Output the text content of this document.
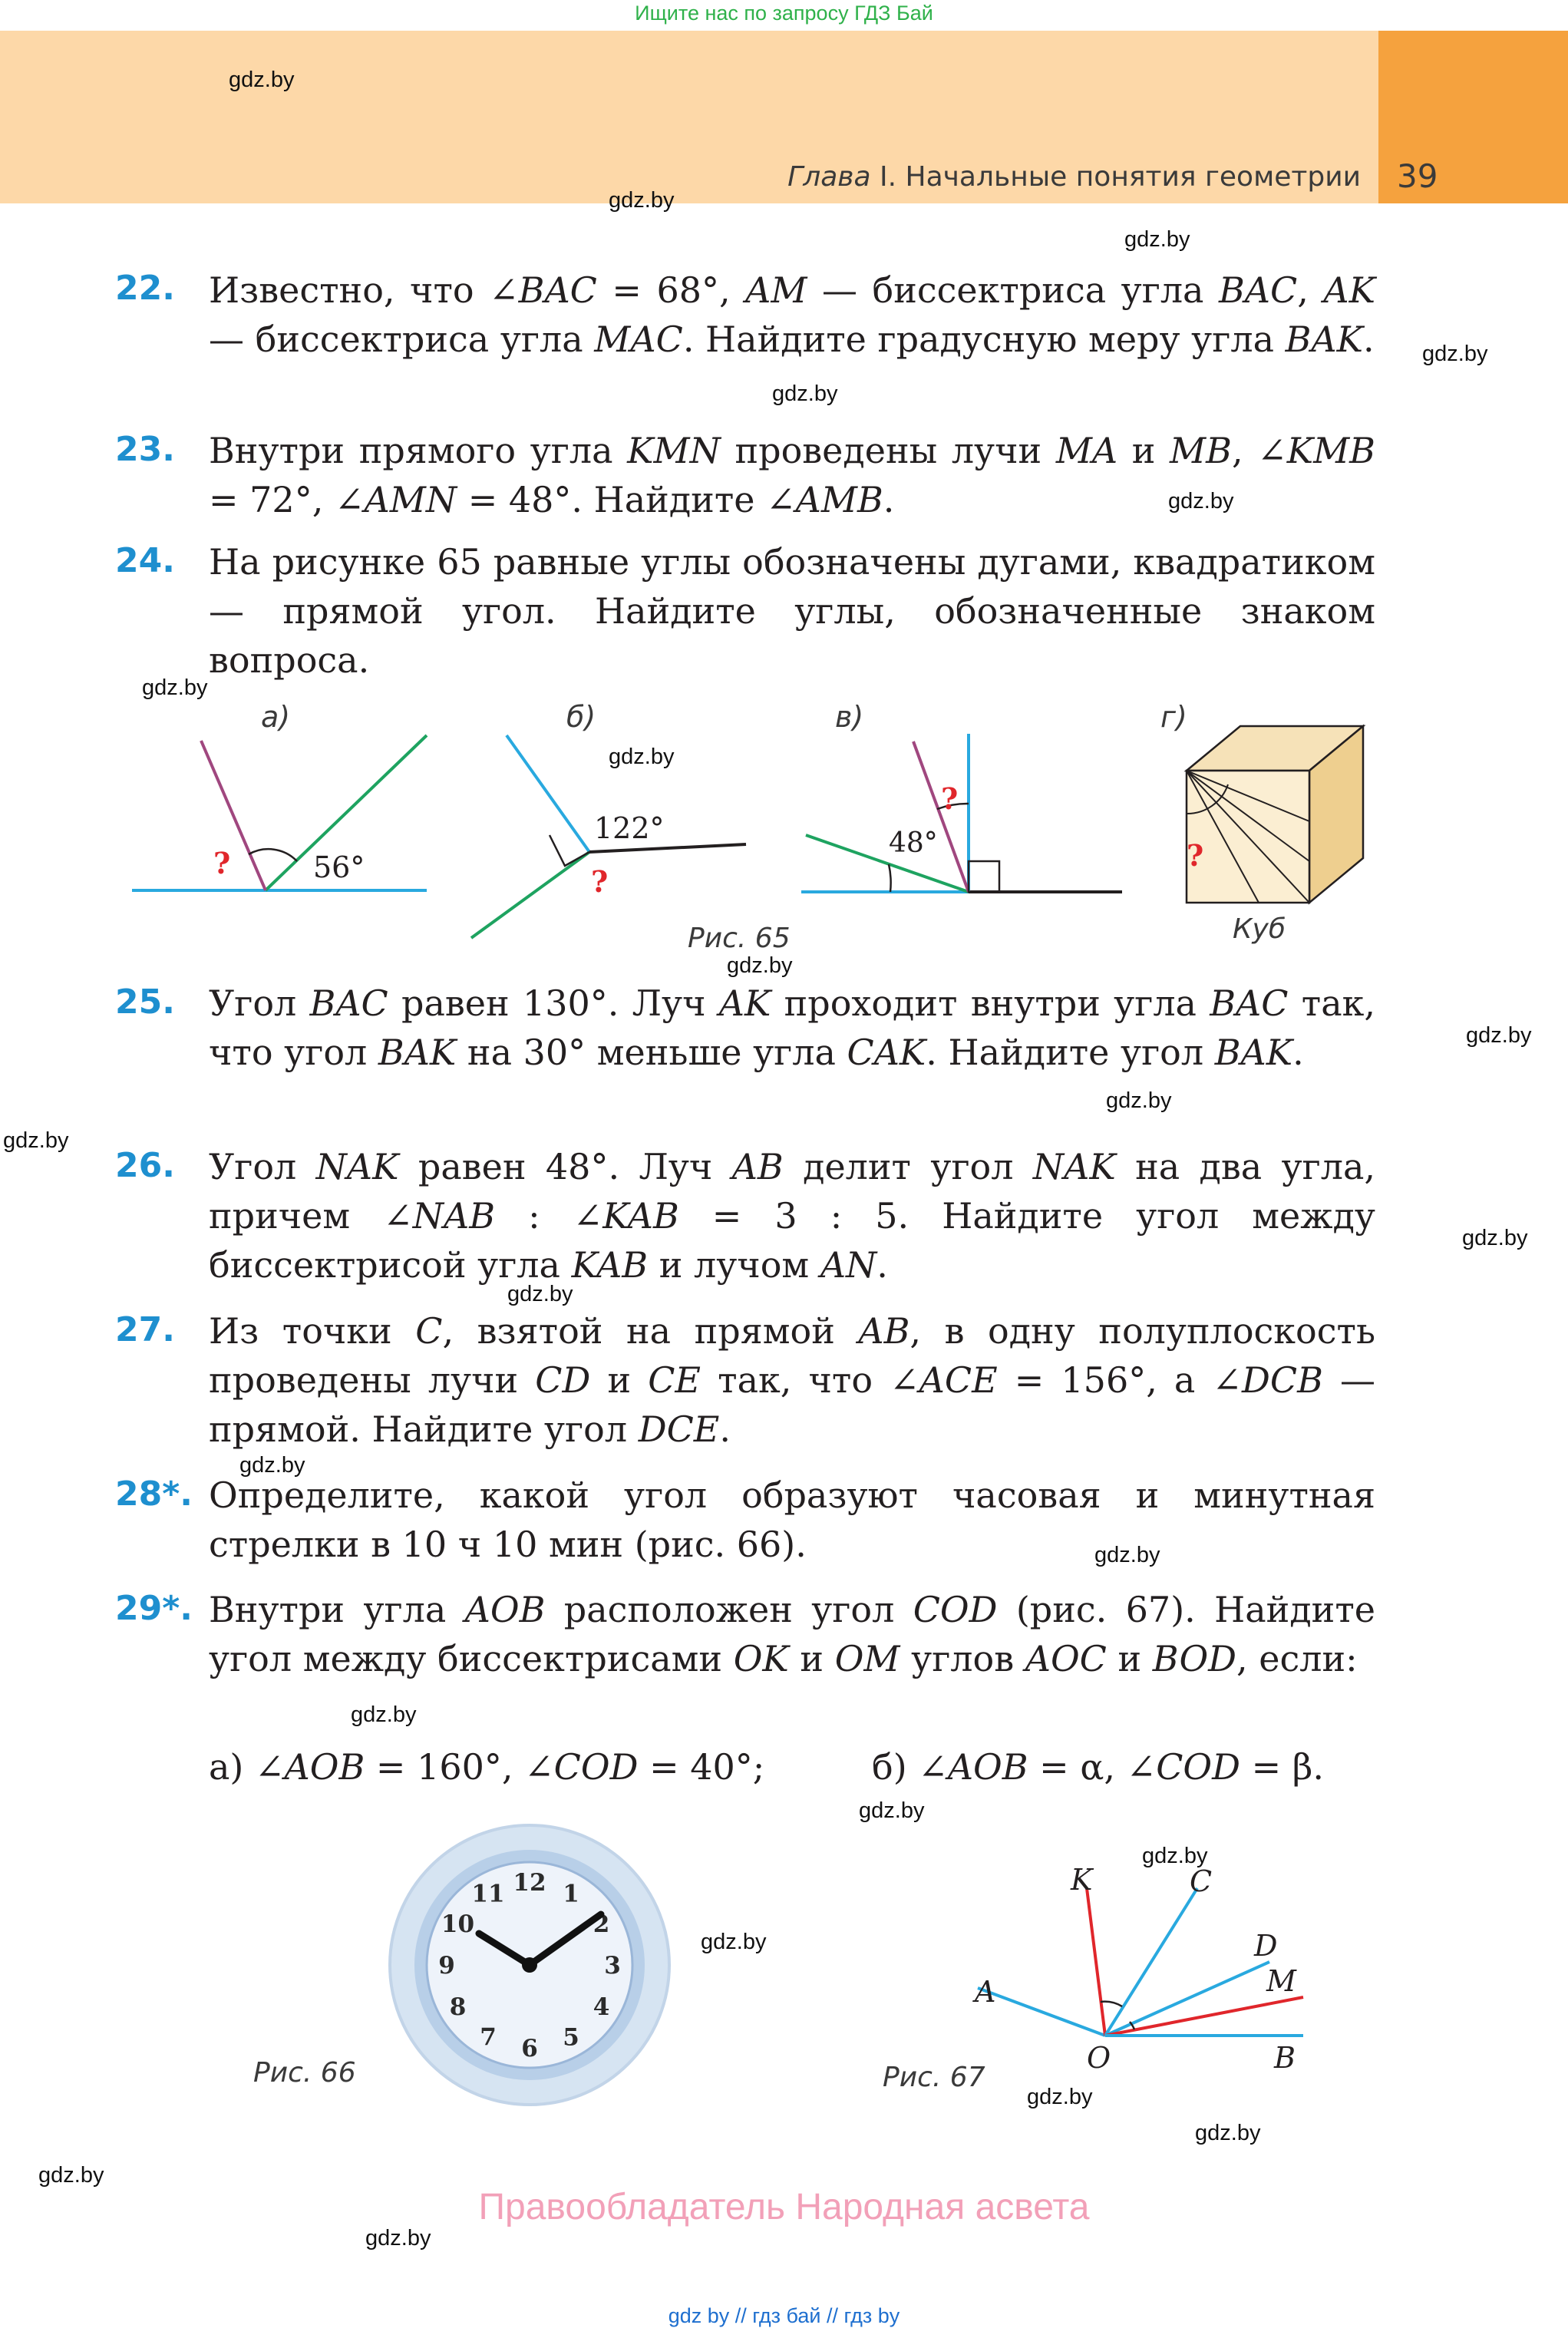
Ищите нас по запросу ГДЗ Бай
Глава I. Начальные понятия геометрии 39
gdz.by
gdz.by
gdz.by
gdz.by
gdz.by
gdz.by
gdz.by
gdz.by
gdz.by
gdz.by
gdz.by
gdz.by
gdz.by
gdz.by
gdz.by
gdz.by
gdz.by
gdz.by
gdz.by
gdz.by
gdz.by
gdz.by
gdz.by
gdz.by
22. Известно, что ∠BAC = 68°, AM — биссектриса угла BAC, AK — биссектриса угла MAC. Найдите градусную меру угла BAK.
23. Внутри прямого угла KMN проведены лучи MA и MB, ∠KMB = 72°, ∠AMN = 48°. Найдите ∠AMB.
24. На рисунке 65 равные углы обозначены дугами, квадратиком — прямой угол. Найдите углы, обозначенные знаком вопроса.
а)	б)	в)	г)
?	56°
122°
?
48°
?
?
Куб
Рис. 65
25. Угол BAC равен 130°. Луч AK проходит внутри угла BAC так, что угол BAK на 30° меньше угла CAK. Найдите угол BAK.
26. Угол NAK равен 48°. Луч AB делит угол NAK на два угла, причем ∠NAB : ∠KAB = 3 : 5. Найдите угол между биссектрисой угла KAB и лучом AN.
27. Из точки C, взятой на прямой AB, в одну полуплоскость проведены лучи CD и CE так, что ∠ACE = 156°, а ∠DCB — прямой. Найдите угол DCE.
28*. Определите, какой угол образуют часовая и минутная стрелки в 10 ч 10 мин (рис. 66).
29*. Внутри угла AOB расположен угол COD (рис. 67). Найдите угол между биссектрисами OK и OM углов AOC и BOD, если:
а) ∠AOB = 160°, ∠COD = 40°;	б) ∠AOB = α, ∠COD = β.
12 1
2
3
4
5
6
7
8
9
10
11
Рис. 66
K	C
D
M
A
O	B
Рис. 67
Правообладатель Народная асвета
gdz by // гдз бай // гдз by
